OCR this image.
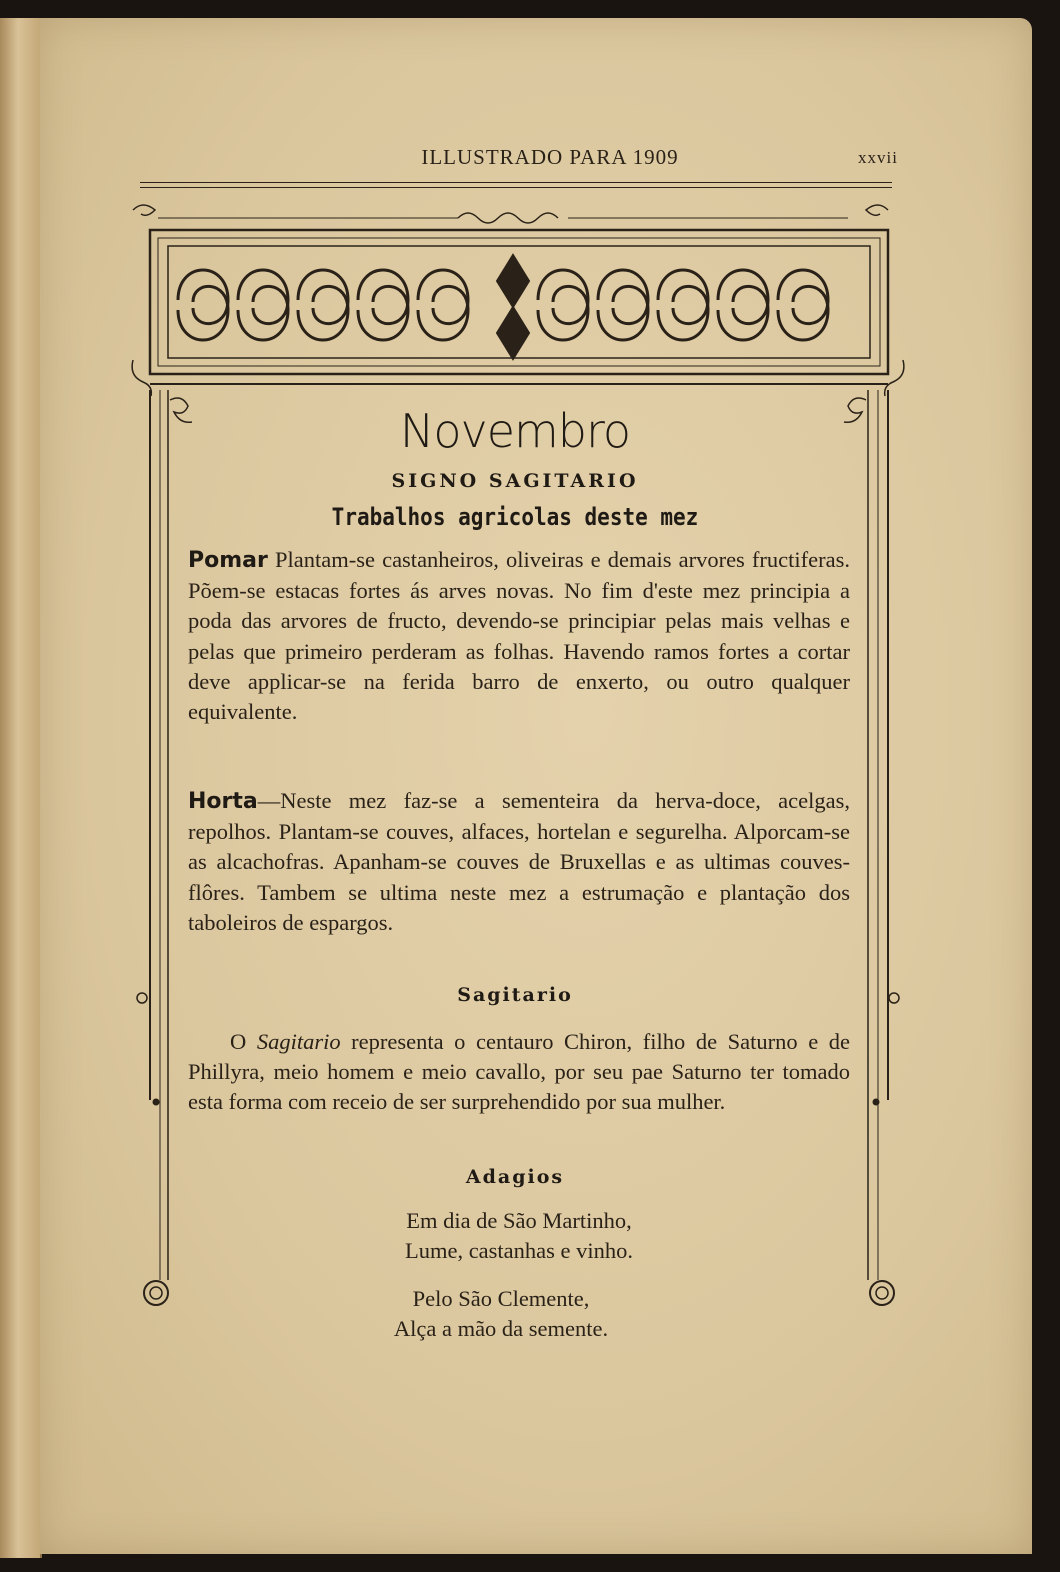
ILLUSTRADO PARA 1909	xxvii
Novembro
SIGNO SAGITARIO
Trabalhos agricolas deste mez
Pomar Plantam-se castanheiros, oliveiras e demais arvores fructiferas. Põem-se estacas fortes ás arves novas. No fim d'este mez principia a poda das arvores de fructo, devendo-se principiar pelas mais velhas e pelas que primeiro perderam as folhas. Havendo ramos fortes a cortar deve applicar-se na ferida barro de enxerto, ou outro qualquer equivalente.
Horta—Neste mez faz-se a sementeira da herva-doce, acelgas, repolhos. Plantam-se couves, alfaces, hortelan e segurelha. Alporcam-se as alcachofras. Apanham-se couves de Bruxellas e as ultimas couves-flôres. Tambem se ultima neste mez a estrumação e plantação dos taboleiros de espargos.
Sagitario
O Sagitario representa o centauro Chiron, filho de Saturno e de Phillyra, meio homem e meio cavallo, por seu pae Saturno ter tomado esta forma com receio de ser surprehendido por sua mulher.
Adagios
Em dia de São Martinho,
Lume, castanhas e vinho.
Pelo São Clemente,
Alça a mão da semente.
